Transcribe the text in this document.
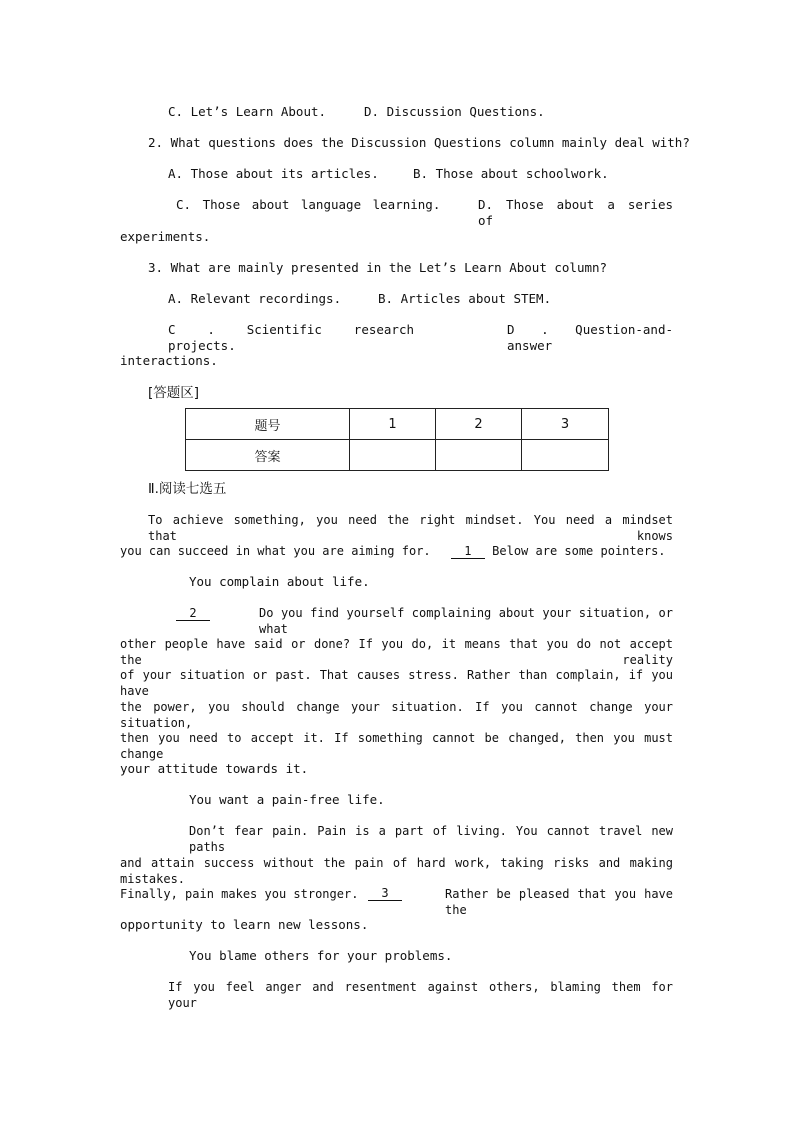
C. Let’s Learn About.	D. Discussion Questions.
2. What questions does the Discussion Questions column mainly deal with?
A. Those about its articles.	B. Those about schoolwork.
C. Those about language learning.	D. Those about a series of
experiments.
3. What are mainly presented in the Let’s Learn About column?
A. Relevant recordings.	B. Articles about STEM.
C . Scientific research projects.
D . Question-and-answer
interactions.
[答题区]
题号	1	2	3
答案			
Ⅱ.阅读七选五
To achieve something, you need the right mindset. You need a mindset that knows
you can succeed in what you are aiming for.	1 Below are some pointers.
You complain about life.
2	Do you find yourself complaining about your situation, or what
other people have said or done? If you do, it means that you do not accept the reality
of your situation or past. That causes stress. Rather than complain, if you have
the power, you should change your situation. If you cannot change your situation,
then you need to accept it. If something cannot be changed, then you must change
your attitude towards it.
You want a pain-free life.
Don’t fear pain. Pain is a part of living. You cannot travel new paths
and attain success without the pain of hard work, taking risks and making mistakes.
Finally, pain makes you stronger.	3	Rather be pleased that you have the
opportunity to learn new lessons.
You blame others for your problems.
If you feel anger and resentment against others, blaming them for your
